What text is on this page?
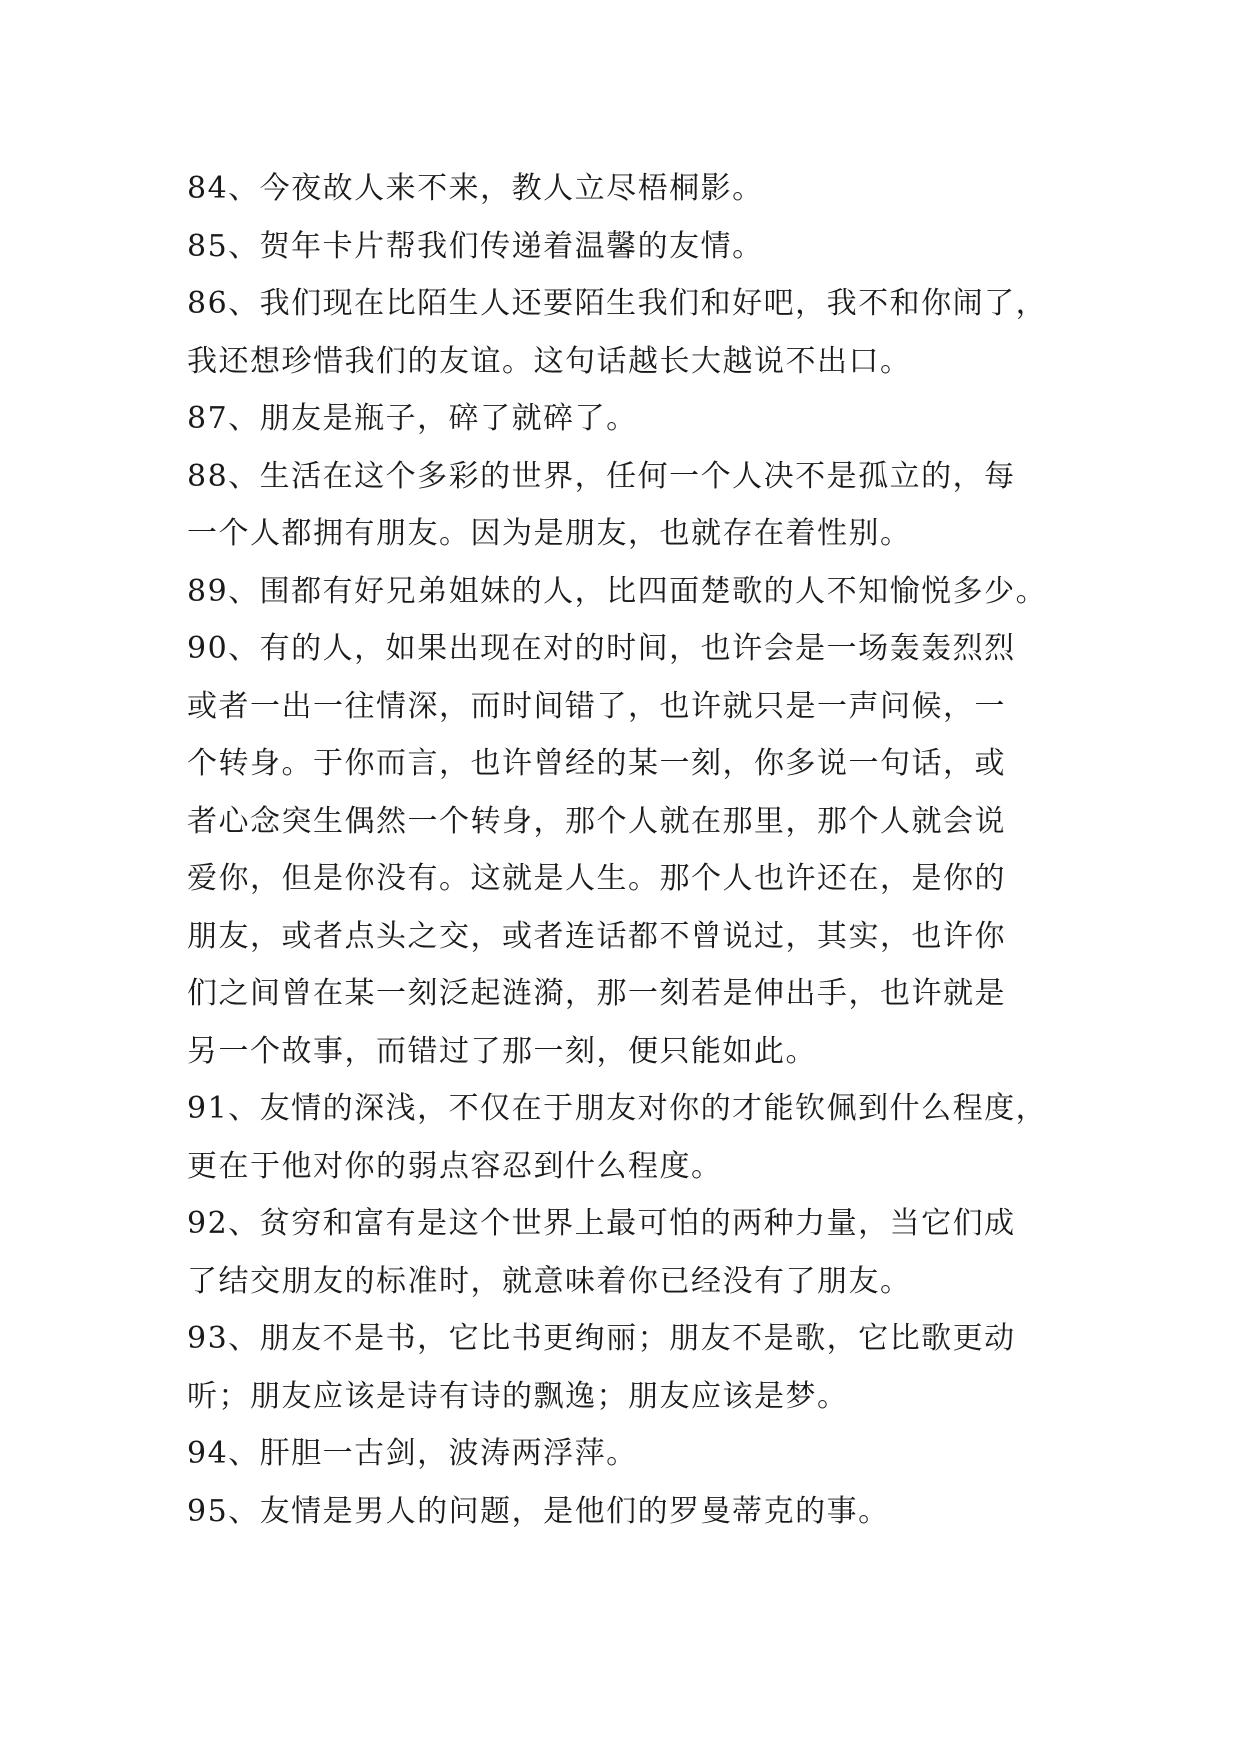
84、今夜故人来不来，教人立尽梧桐影。
85、贺年卡片帮我们传递着温馨的友情。
86、我们现在比陌生人还要陌生我们和好吧，我不和你闹了，
我还想珍惜我们的友谊。这句话越长大越说不出口。
87、朋友是瓶子，碎了就碎了。
88、生活在这个多彩的世界，任何一个人决不是孤立的，每
一个人都拥有朋友。因为是朋友，也就存在着性别。
89、围都有好兄弟姐妹的人，比四面楚歌的人不知愉悦多少。
90、有的人，如果出现在对的时间，也许会是一场轰轰烈烈
或者一出一往情深，而时间错了，也许就只是一声问候，一
个转身。于你而言，也许曾经的某一刻，你多说一句话，或
者心念突生偶然一个转身，那个人就在那里，那个人就会说
爱你，但是你没有。这就是人生。那个人也许还在，是你的
朋友，或者点头之交，或者连话都不曾说过，其实，也许你
们之间曾在某一刻泛起涟漪，那一刻若是伸出手，也许就是
另一个故事，而错过了那一刻，便只能如此。
91、友情的深浅，不仅在于朋友对你的才能钦佩到什么程度，
更在于他对你的弱点容忍到什么程度。
92、贫穷和富有是这个世界上最可怕的两种力量，当它们成
了结交朋友的标准时，就意味着你已经没有了朋友。
93、朋友不是书，它比书更绚丽；朋友不是歌，它比歌更动
听；朋友应该是诗有诗的飘逸；朋友应该是梦。
94、肝胆一古剑，波涛两浮萍。
95、友情是男人的问题，是他们的罗曼蒂克的事。
